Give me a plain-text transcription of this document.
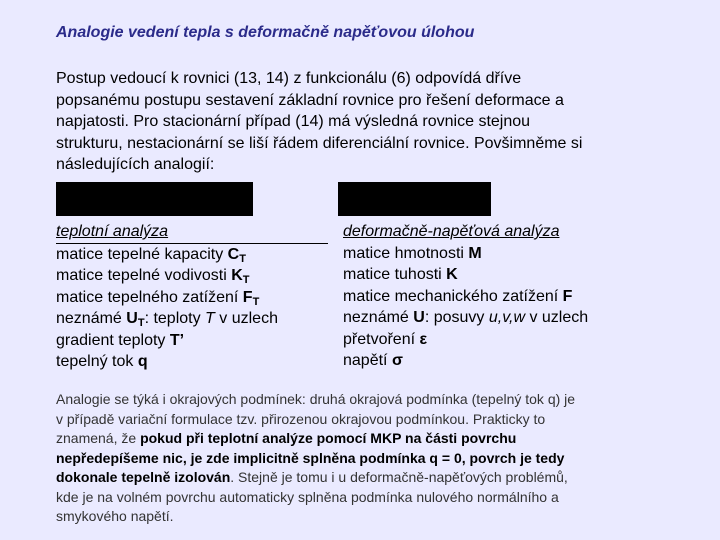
Analogie vedení tepla s deformačně napěťovou úlohou

Postup vedoucí k rovnici (13, 14) z funkcionálu (6) odpovídá dříve

popsanému postupu sestavení základní rovnice pro řešení deformace a

napjatosti. Pro stacionární případ (14) má výsledná rovnice stejnou

strukturu, nestacionární se liší řádem diferenciální rovnice. Povšimněme si

následujících analogií:

teplotní analýza
matice tepelné kapacity $C_T$
matice tepelné vodivosti $K_T$
matice tepelného zatížení $F_T$
neznámé $U_T$: teploty T v uzlech
gradient teploty T’
tepelný tok q
deformačně-napěťová analýza
matice hmotnosti M
matice tuhosti K
matice mechanického zatížení F
neznámé U: posuvy u,v,w v uzlech
přetvoření ε
napětí σ

Analogie se týká i okrajových podmínek: druhá okrajová podmínka (tepelný tok q) je

v případě variační formulace tzv. přirozenou okrajovou podmínkou. Prakticky to

znamená, že pokud při teplotní analýze pomocí MKP na části povrchu

nepředepíšeme nic, je zde implicitně splněna podmínka q = 0, povrch je tedy

dokonale tepelně izolován. Stejně je tomu i u deformačně-napěťových problémů,

kde je na volném povrchu automaticky splněna podmínka nulového normálního a

smykového napětí.
